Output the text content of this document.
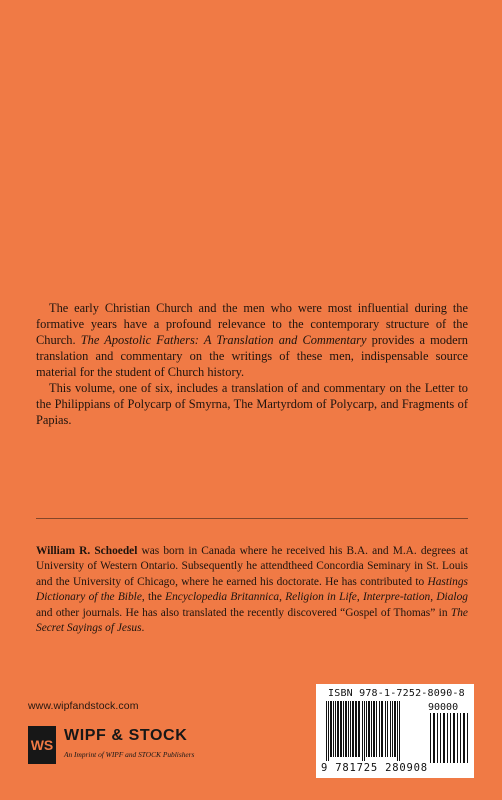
The early Christian Church and the men who were most influential during the formative years have a profound relevance to the contemporary structure of the Church. The Apostolic Fathers: A Translation and Commentary provides a modern translation and commentary on the writings of these men, indispensable source material for the student of Church history.

This volume, one of six, includes a translation of and commentary on the Letter to the Philippians of Polycarp of Smyrna, The Martyrdom of Polycarp, and Fragments of Papias.

William R. Schoedel was born in Canada where he received his B.A. and M.A. degrees at University of Western Ontario. Subsequently he attendtheed Concordia Seminary in St. Louis and the University of Chicago, where he earned his doctorate. He has contributed to Hastings Dictionary of the Bible, the Encyclopedia Britannica, Religion in Life, Interpre-tation, Dialog and other journals. He has also translated the recently discovered “Gospel of Thomas” in The Secret Sayings of Jesus.

www.wipfandstock.com
WS
WIPF & STOCK
An Imprint of WIPF and STOCK Publishers
ISBN 978-1-7252-8090-8
90000
9 781725 280908
